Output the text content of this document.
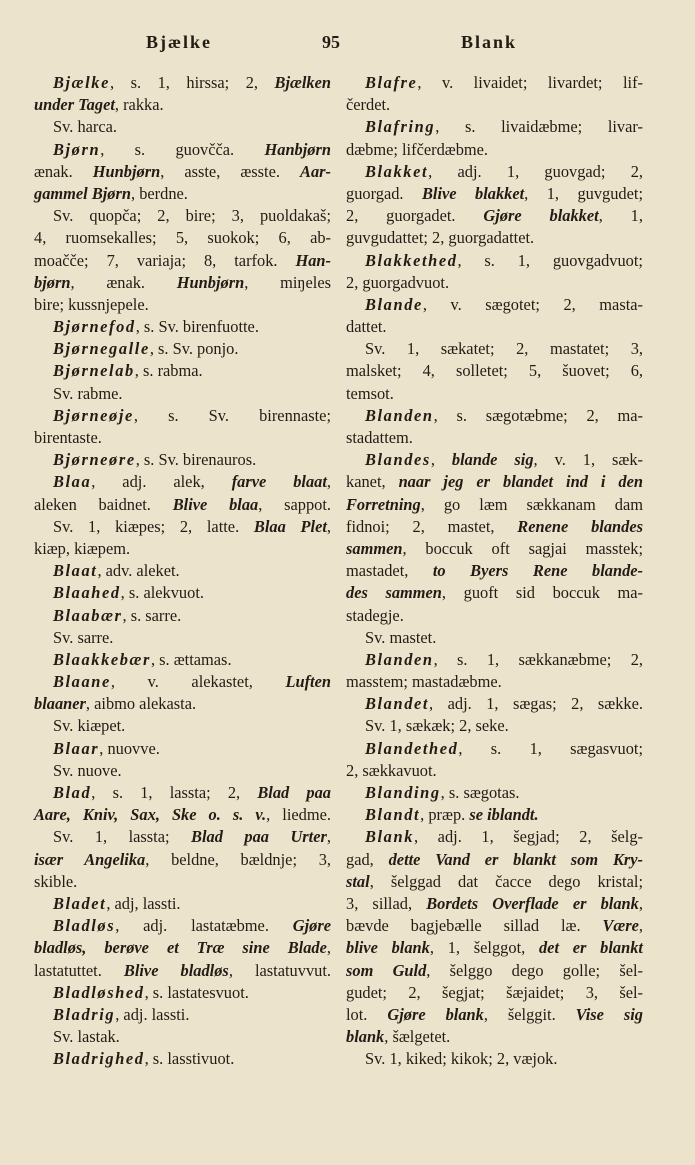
Bjælke	95	Blank
Bjælke, s. 1, hirssa; 2, Bjælken
under Taget, rakka.
Sv. harca.
Bjørn, s. guovčča. Hanbjørn
ænak. Hunbjørn, asste, æsste. Aar-
gammel Bjørn, berdne.
Sv. quopča; 2, bire; 3, puoldakaš;
4, ruomsekalles; 5, suokok; 6, ab-
moačče; 7, variaja; 8, tarfok. Han-
bjørn, ænak. Hunbjørn, miŋeles
bire; kussnjepele.
Bjørnefod, s. Sv. birenfuotte.
Bjørnegalle, s. Sv. ponjo.
Bjørnelab, s. rabma.
Sv. rabme.
Bjørneøje, s. Sv. birennaste;
birentaste.
Bjørneøre, s. Sv. birenauros.
Blaa, adj. alek, farve blaat,
aleken baidnet. Blive blaa, sappot.
Sv. 1, kiæpes; 2, latte. Blaa Plet,
kiæp, kiæpem.
Blaat, adv. aleket.
Blaahed, s. alekvuot.
Blaabær, s. sarre.
Sv. sarre.
Blaakkebær, s. ættamas.
Blaane, v. alekastet, Luften
blaaner, aibmo alekasta.
Sv. kiæpet.
Blaar, nuovve.
Sv. nuove.
Blad, s. 1, lassta; 2, Blad paa
Aare, Kniv, Sax, Ske o. s. v., liedme.
Sv. 1, lassta; Blad paa Urter,
især Angelika, beldne, bældnje; 3,
skible.
Bladet, adj, lassti.
Bladløs, adj. lastatæbme. Gjøre
bladløs, berøve et Træ sine Blade,
lastatuttet. Blive bladløs, lastatuvvut.
Bladløshed, s. lastatesvuot.
Bladrig, adj. lassti.
Sv. lastak.
Bladrighed, s. lasstivuot.
Blafre, v. livaidet; livardet; lif-
čerdet.
Blafring, s. livaidæbme; livar-
dæbme; lifčerdæbme.
Blakket, adj. 1, guovgad; 2,
guorgad. Blive blakket, 1, guvgudet;
2, guorgadet. Gjøre blakket, 1,
guvgudattet; 2, guorgadattet.
Blakkethed, s. 1, guovgadvuot;
2, guorgadvuot.
Blande, v. sægotet; 2, masta-
dattet.
Sv. 1, sækatet; 2, mastatet; 3,
malsket; 4, solletet; 5, šuovet; 6,
temsot.
Blanden, s. sægotæbme; 2, ma-
stadattem.
Blandes, blande sig, v. 1, sæk-
kanet, naar jeg er blandet ind i den
Forretning, go læm sækkanam dam
fidnoi; 2, mastet, Renene blandes
sammen, boccuk oft sagjai masstek;
mastadet, to Byers Rene blande-
des sammen, guoft sid boccuk ma-
stadegje.
Sv. mastet.
Blanden, s. 1, sækkanæbme; 2,
masstem; mastadæbme.
Blandet, adj. 1, sægas; 2, sække.
Sv. 1, sækæk; 2, seke.
Blandethed, s. 1, sægasvuot;
2, sækkavuot.
Blanding, s. sægotas.
Blandt, præp. se iblandt.
Blank, adj. 1, šegjad; 2, šelg-
gad, dette Vand er blankt som Kry-
stal, šelggad dat čacce dego kristal;
3, sillad, Bordets Overflade er blank,
bævde bagjebælle sillad læ. Være,
blive blank, 1, šelggot, det er blankt
som Guld, šelggo dego golle; šel-
gudet; 2, šegjat; šæjaidet; 3, šel-
lot. Gjøre blank, šelggit. Vise sig
blank, šælgetet.
Sv. 1, kiked; kikok; 2, væjok.
